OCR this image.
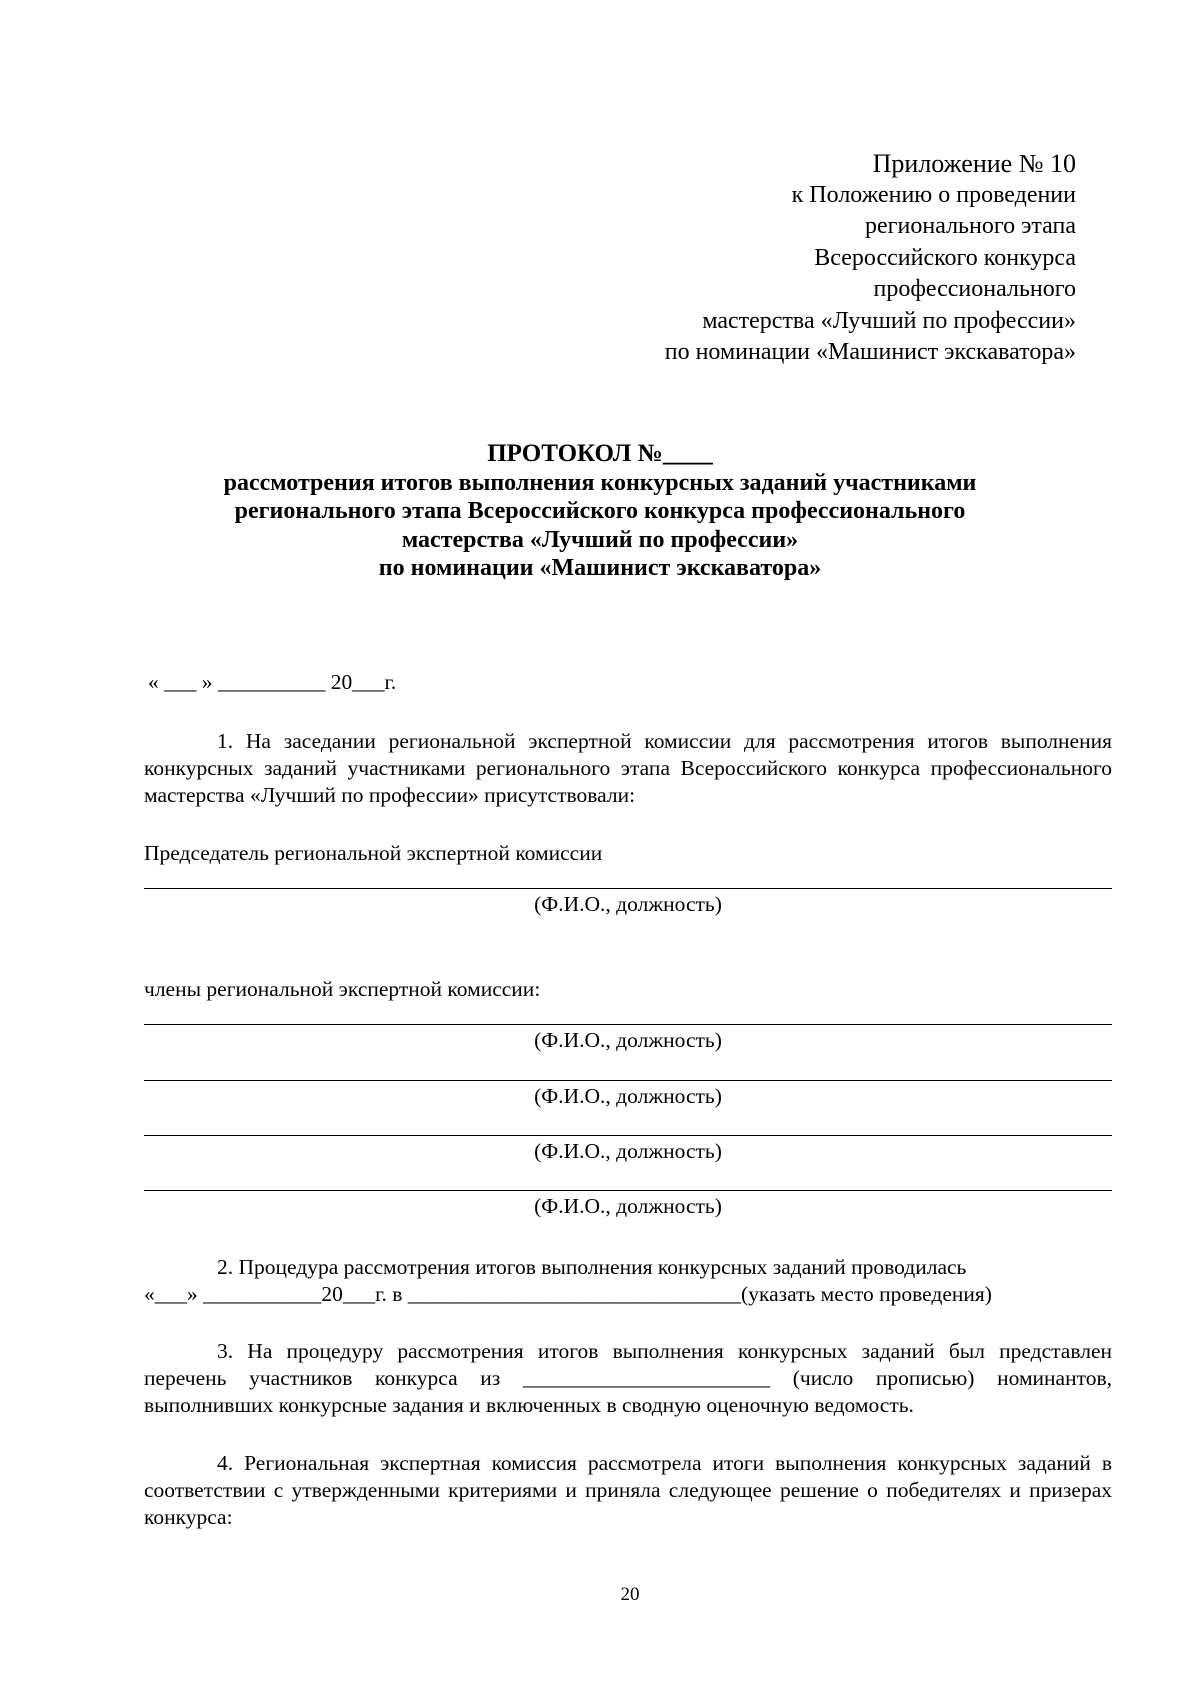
Приложение № 10
к Положению о проведении
регионального этапа
Всероссийского конкурса
профессионального
мастерства «Лучший по профессии»
по номинации «Машинист экскаватора»
ПРОТОКОЛ №____
рассмотрения итогов выполнения конкурсных заданий участниками
регионального этапа Всероссийского конкурса профессионального
мастерства «Лучший по профессии»
по номинации «Машинист экскаватора»
« ___ » __________ 20___г.
1. На заседании региональной экспертной комиссии для рассмотрения итогов выполнения конкурсных заданий участниками регионального этапа Всероссийского конкурса профессионального мастерства «Лучший по профессии» присутствовали:
Председатель региональной экспертной комиссии
(Ф.И.О., должность)
члены региональной экспертной комиссии:
(Ф.И.О., должность)
(Ф.И.О., должность)
(Ф.И.О., должность)
(Ф.И.О., должность)
2. Процедура рассмотрения итогов выполнения конкурсных заданий проводилась
«___» ___________20___г. в _______________________________(указать место проведения)
3. На процедуру рассмотрения итогов выполнения конкурсных заданий был представлен перечень участников конкурса из _______________________ (число прописью) номинантов, выполнивших конкурсные задания и включенных в сводную оценочную ведомость.
4. Региональная экспертная комиссия рассмотрела итоги выполнения конкурсных заданий в соответствии с утвержденными критериями и приняла следующее решение о победителях и призерах конкурса:
20
